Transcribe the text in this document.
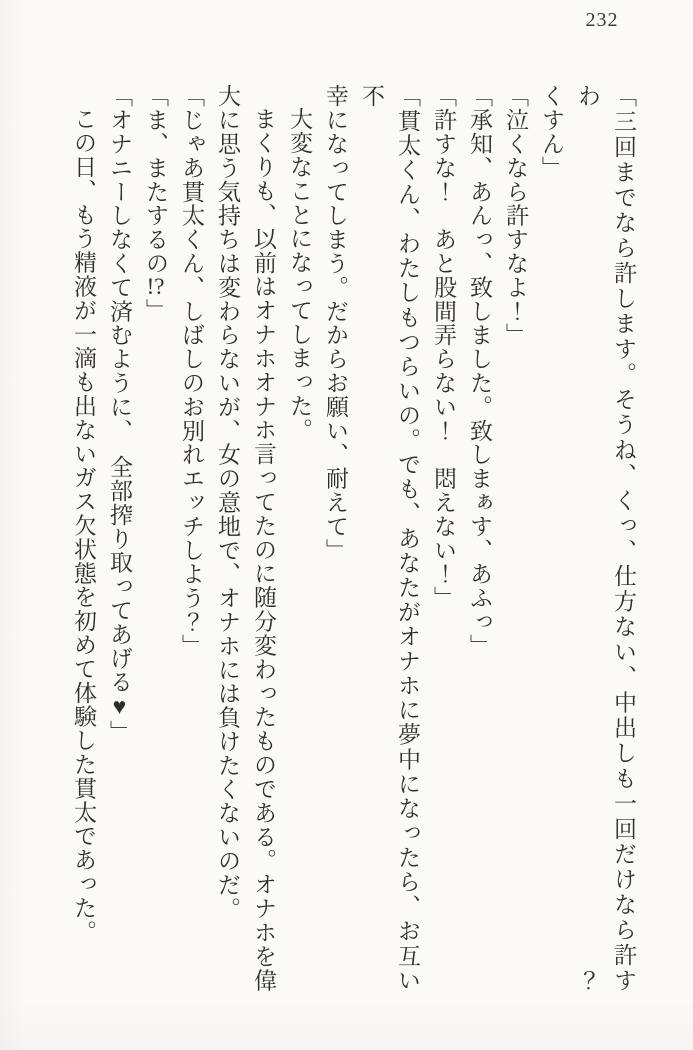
232

「三回までなら許します。そうね、くっ、仕方ない、中出しも一回だけなら許すわ？

くすん」

「泣くなら許すなよ！」

「承知、あんっ、致しました。致しまぁす、あふっ」

「許すな！　あと股間弄らない！　悶えない！」

「貫太くん、わたしもつらいの。でも、あなたがオナホに夢中になったら、お互い不

幸になってしまう。だからお願い、耐えて」

大変なことになってしまった。

まくりも、以前はオナホオナホ言ってたのに随分変わったものである。オナホを偉

大に思う気持ちは変わらないが、女の意地で、オナホには負けたくないのだ。

「じゃあ貫太くん、しばしのお別れエッチしよう？」

「ま、またするの!?」

「オナニーしなくて済むように、　全部搾り取ってあげる♥」

この日、もう精液が一滴も出ないガス欠状態を初めて体験した貫太であった。
